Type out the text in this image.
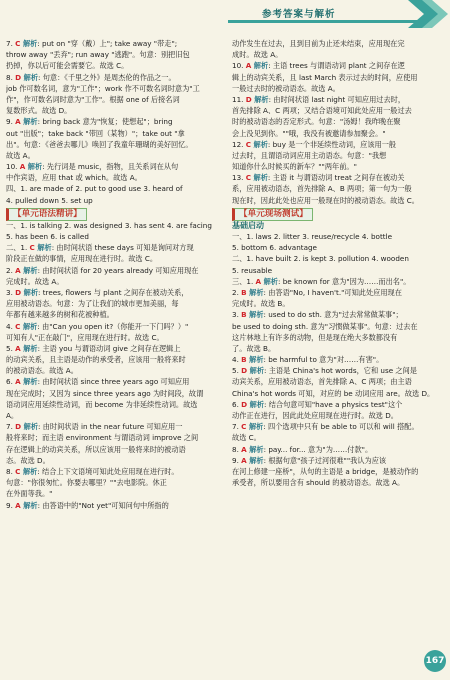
参考答案与解析
7. C 解析: put on "穿（戴）上"; take away "带走";
throw away "丢弃"; run away "逃跑"。句意：别把旧包
扔掉，你以后可能会需要它。故选 C。
8. D 解析: 句意：《千里之外》是周杰伦的作品之一。
job 作可数名词，意为"工作"；work 作不可数名词时意为"工
作"，作可数名词时意为"工作"。根据 one of 后接名词
复数形式。故选 D。
9. A 解析: bring back 意为"恢复；使想起"；bring
out "出版"；take back "带回（某物）"；take out "拿
出"。句意：《爸爸去哪儿》唤回了我童年珊瑚的美好回忆。
故选 A。
10. A 解析: 先行词是 music，指物，且关系词在从句
中作宾语，应用 that 或 which。故选 A。
四、1. are made of 2. put to good use 3. heard of
4. pulled down 5. set up
【单元语法精讲】
一、1. is talking 2. was designed 3. has sent 4. are facing
5. has been 6. is called
二、1. C 解析: 由时间状语 these days 可知是询问对方现
阶段正在做的事情，应用现在进行时。故选 C。
2. A 解析: 由时间状语 for 20 years already 可知应用现在
完成时。故选 A。
3. D 解析: trees, flowers 与 plant 之间存在被动关系，
应用被动语态。句意：为了让我们的城市更加美丽，每
年都有越来越多的树和花被种植。
4. C 解析: 由"Can you open it?（你能开一下门吗？）"
可知有人"正在敲门"，应用现在进行时。故选 C。
5. A 解析: 主语 you 与谓语动词 give 之间存在逻辑上
的动宾关系，且主语是动作的承受者，应该用一般将来时
的被动语态。故选 A。
6. A 解析: 由时间状语 since three years ago 可知应用
现在完成时；又因为 since three years ago 为时间段，故谓
语动词应用延续性动词，而 become 为非延续性动词。故选
A。
7. D 解析: 由时间状语 in the near future 可知应用一
般将来时；而主语 environment 与谓语动词 improve 之间
存在逻辑上的动宾关系，所以应该用一般将来时的被动语
态。故选 D。
8. C 解析: 结合上下文语境可知此处应用现在进行时。
句意："你很匆忙。你要去哪里？""去电影院。休正
在外面等我。"
9. A 解析: 由答语中的"Not yet"可知问句中所指的
动作发生在过去，且到目前为止还未结束，应用现在完
成时。故选 A。
10. A 解析: 主语 trees 与谓语动词 plant 之间存在逻
辑上的动宾关系，且 last March 表示过去的时间，应使用
一般过去时的被动语态。故选 A。
11. D 解析: 由时间状语 last night 可知应用过去时，
首先排除 A、C 两项；又结合语境可知此处应用一般过去
时的被动语态的否定形式。句意："汤姆！我昨晚在聚
会上没见到你。""哦，我没有被邀请参加聚会。"
12. C 解析: buy 是一个非延续性动词，应该用一般
过去时，且谓语动词应用主动语态。句意："我想
知道你什么时候买的新车？""两年前。"
13. C 解析: 主语 it 与谓语动词 treat 之间存在被动关
系，应用被动语态，首先排除 A、B 两项；第一句为一般
现在时，因此此处也应用一般现在时的被动语态。故选 C。
【单元现场测试】
基础启动
一、1. laws 2. litter 3. reuse/recycle 4. bottle
5. bottom 6. advantage
二、1. have built 2. is kept 3. pollution 4. wooden
5. reusable
三、1. A 解析: be known for 意为"因为……而出名"。
2. B 解析: 由答语"No, I haven't."可知此处应用现在
完成时。故选 B。
3. B 解析: used to do sth. 意为"过去常常做某事"；
be used to doing sth. 意为"习惯做某事"。句意：过去在
这片林地上有许多的动物，但是现在绝大多数都没有
了。故选 B。
4. B 解析: be harmful to 意为"对……有害"。
5. D 解析: 主语是 China's hot words，它和 use 之间是
动宾关系，应用被动语态，首先排除 A、C 两项；由主语
China's hot words 可知，对应的 be 动词应用 are。故选 D。
6. D 解析: 结合句意可知"have a physics test"这个
动作正在进行，因此此处应用现在进行时。故选 D。
7. C 解析: 四个选项中只有 be able to 可以和 will 搭配。
故选 C。
8. A 解析: pay... for... 意为"为……付款"。
9. A 解析: 根据句意"孩子过河很难""我认为应该
在河上修建一座桥"，从句的主语是 a bridge，是被动作的
承受者，所以要用含有 should 的被动语态。故选 A。
167
